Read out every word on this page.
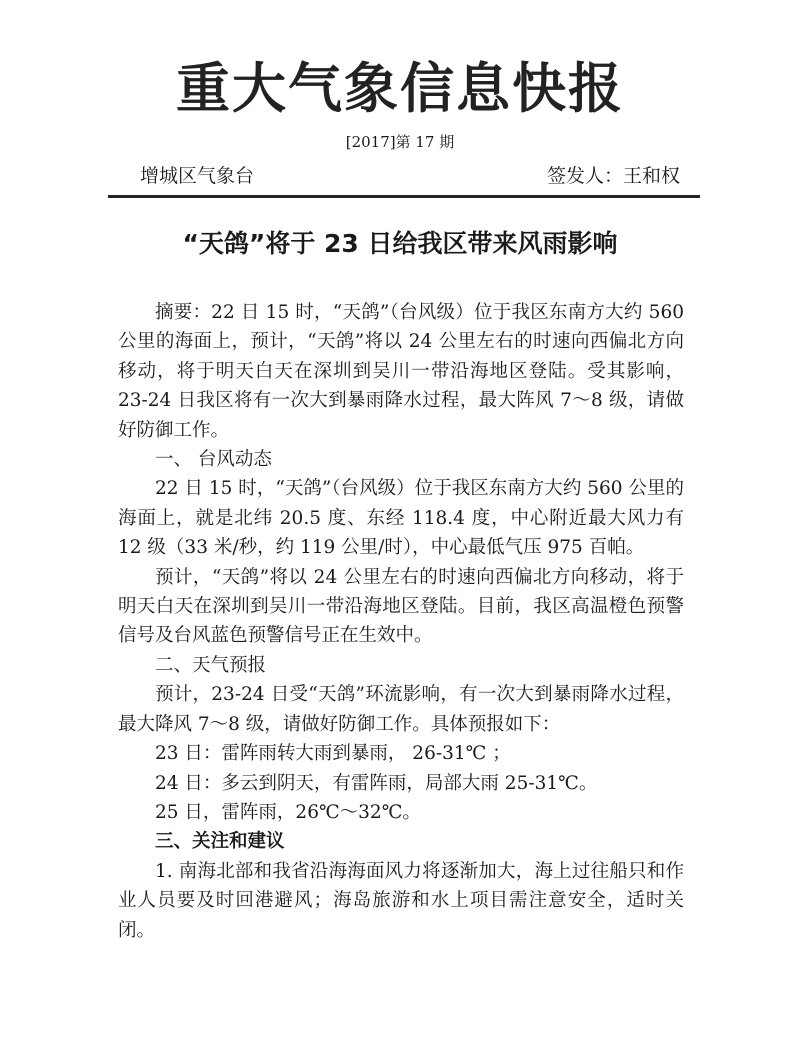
重大气象信息快报
[2017]第 17 期
增城区气象台	签发人：王和权
“天鸽”将于 23 日给我区带来风雨影响

摘要：22 日 15 时，“天鸽”（台风级）位于我区东南方大约 560 公里的海面上，预计，“天鸽”将以 24 公里左右的时速向西偏北方向移动，将于明天白天在深圳到吴川一带沿海地区登陆。受其影响，23-24 日我区将有一次大到暴雨降水过程，最大阵风 7～8 级，请做好防御工作。

一、 台风动态

22 日 15 时，“天鸽”（台风级）位于我区东南方大约 560 公里的海面上，就是北纬 20.5 度、东经 118.4 度，中心附近最大风力有 12 级（33 米/秒，约 119 公里/时），中心最低气压 975 百帕。

预计，“天鸽”将以 24 公里左右的时速向西偏北方向移动，将于明天白天在深圳到吴川一带沿海地区登陆。目前，我区高温橙色预警信号及台风蓝色预警信号正在生效中。

二、天气预报

预计，23-24 日受“天鸽”环流影响，有一次大到暴雨降水过程，最大降风 7～8 级，请做好防御工作。具体预报如下：

23 日：雷阵雨转大雨到暴雨， 26-31℃ ；

24 日：多云到阴天，有雷阵雨，局部大雨 25-31℃。

25 日，雷阵雨，26℃～32℃。

三、关注和建议

1. 南海北部和我省沿海海面风力将逐渐加大，海上过往船只和作业人员要及时回港避风；海岛旅游和水上项目需注意安全，适时关闭。
